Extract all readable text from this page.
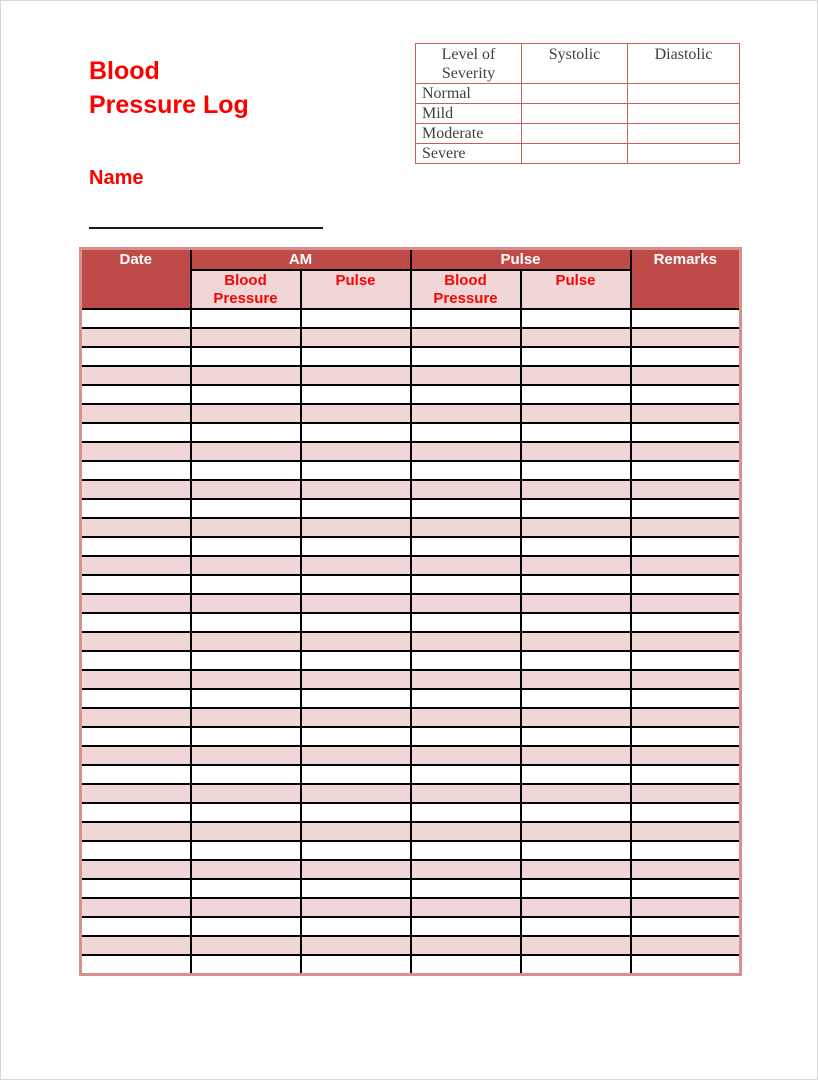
Blood
Pressure Log
Name
Level of Severity	Systolic	Diastolic
Normal		
Mild		
Moderate		
Severe		
Date	AM		Pulse		Remarks
	Blood Pressure	Pulse	Blood Pressure	Pulse	
